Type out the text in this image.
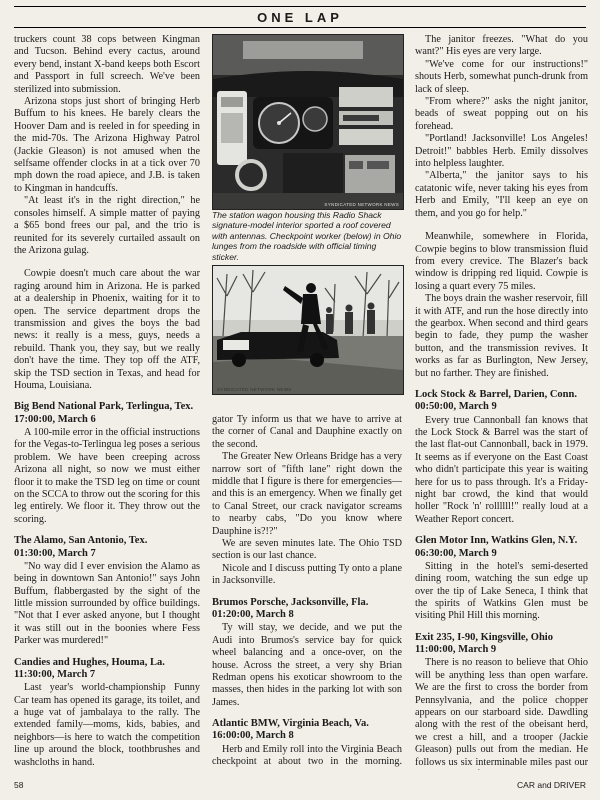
ONE LAP

truckers count 38 cops between Kingman and Tucson. Behind every cactus, around every bend, instant X-band keeps both Escort and Passport in full screech. We've been sterilized into submission.

Arizona stops just short of bringing Herb Buffum to his knees. He barely clears the Hoover Dam and is reeled in for speeding in the mid-70s. The Arizona Highway Patrol (Jackie Gleason) is not amused when the selfsame offender clocks in at a tick over 70 mph down the road apiece, and J.B. is taken to Kingman in handcuffs.

"At least it's in the right direction," he consoles himself. A simple matter of paying a $65 bond frees our pal, and the trio is reunited for its severely curtailed assault on the Arizona gulag.

Cowpie doesn't much care about the war raging around him in Arizona. He is parked at a dealership in Phoenix, waiting for it to open. The service department drops the transmission and gives the boys the bad news: it really is a mess, guys, needs a rebuild. Thank you, they say, but we really don't have the time. They top off the ATF, skip the TSD section in Texas, and head for Houma, Louisiana.

Big Bend National Park, Terlingua, Tex.
17:00:00, March 6

A 100-mile error in the official instructions for the Vegas-to-Terlingua leg poses a serious problem. We have been creeping across Arizona all night, so now we must either floor it to make the TSD leg on time or count on the SCCA to throw out the scoring for this leg entirely. We floor it. They throw out the scoring.

The Alamo, San Antonio, Tex.
01:30:00, March 7

"No way did I ever envision the Alamo as being in downtown San Antonio!" says John Buffum, flabbergasted by the sight of the little mission surrounded by office buildings. "Not that I ever asked anyone, but I thought it was still out in the boonies where Fess Parker was murdered!"

Candies and Hughes, Houma, La.
11:30:00, March 7

Last year's world-championship Funny Car team has opened its garage, its toilet, and a huge vat of jambalaya to the rally. The extended family—moms, kids, babies, and neighbors—is here to watch the competition line up around the block, toothbrushes and washcloths in hand.

SYNDICATED NETWORK NEWS
The station wagon housing this Radio Shack signature-model interior sported a roof covered with antennas. Checkpoint worker (below) in Ohio lunges from the roadside with official timing sticker.
SYNDICATED NETWORK NEWS

gator Ty inform us that we have to arrive at the corner of Canal and Dauphine exactly on the second.

The Greater New Orleans Bridge has a very narrow sort of "fifth lane" right down the middle that I figure is there for emergencies—and this is an emergency. When we finally get to Canal Street, our crack navigator screams to nearby cabs, "Do you know where Dauphine is?!?"

We are seven minutes late. The Ohio TSD section is our last chance.

Nicole and I discuss putting Ty onto a plane in Jacksonville.

Brumos Porsche, Jacksonville, Fla.
01:20:00, March 8

Ty will stay, we decide, and we put the Audi into Brumos's service bay for quick wheel balancing and a once-over, on the house. Across the street, a very shy Brian Redman opens his exoticar showroom to the masses, then hides in the parking lot with son James.

Atlantic BMW, Virginia Beach, Va.
16:00:00, March 8

Herb and Emily roll into the Virginia Beach checkpoint at about two in the morning.

The janitor freezes. "What do you want?" His eyes are very large.

"We've come for our instructions!" shouts Herb, somewhat punch-drunk from lack of sleep.

"From where?" asks the night janitor, beads of sweat popping out on his forehead.

"Portland! Jacksonville! Los Angeles! Detroit!" babbles Herb. Emily dissolves into helpless laughter.

"Alberta," the janitor says to his catatonic wife, never taking his eyes from Herb and Emily, "I'll keep an eye on them, and you go for help."

Meanwhile, somewhere in Florida, Cowpie begins to blow transmission fluid from every crevice. The Blazer's back window is dripping red liquid. Cowpie is losing a quart every 75 miles.

The boys drain the washer reservoir, fill it with ATF, and run the hose directly into the gearbox. When second and third gears begin to fade, they pump the washer button, and the transmission revives. It works as far as Burlington, New Jersey, but no farther. They are finished.

Lock Stock & Barrel, Darien, Conn.
00:50:00, March 9

Every true Cannonball fan knows that the Lock Stock & Barrel was the start of the last flat-out Cannonball, back in 1979. It seems as if everyone on the East Coast who didn't participate this year is waiting here for us to pass through. It's a Friday-night bar crowd, the kind that would holler "Rock 'n' rollllll!" really loud at a Weather Report concert.

Glen Motor Inn, Watkins Glen, N.Y.
06:30:00, March 9

Sitting in the hotel's semi-deserted dining room, watching the sun edge up over the tip of Lake Seneca, I think that the spirits of Watkins Glen must be visiting Phil Hill this morning.

Exit 235, I-90, Kingsville, Ohio
11:00:00, March 9

There is no reason to believe that Ohio will be anything less than open warfare. We are the first to cross the border from Pennsylvania, and the police chopper appears on our starboard side. Dawdling along with the rest of the obeisant herd, we crest a hill, and a trooper (Jackie Gleason) pulls out from the median. He follows us six interminable miles past our

58	CAR and DRIVER
